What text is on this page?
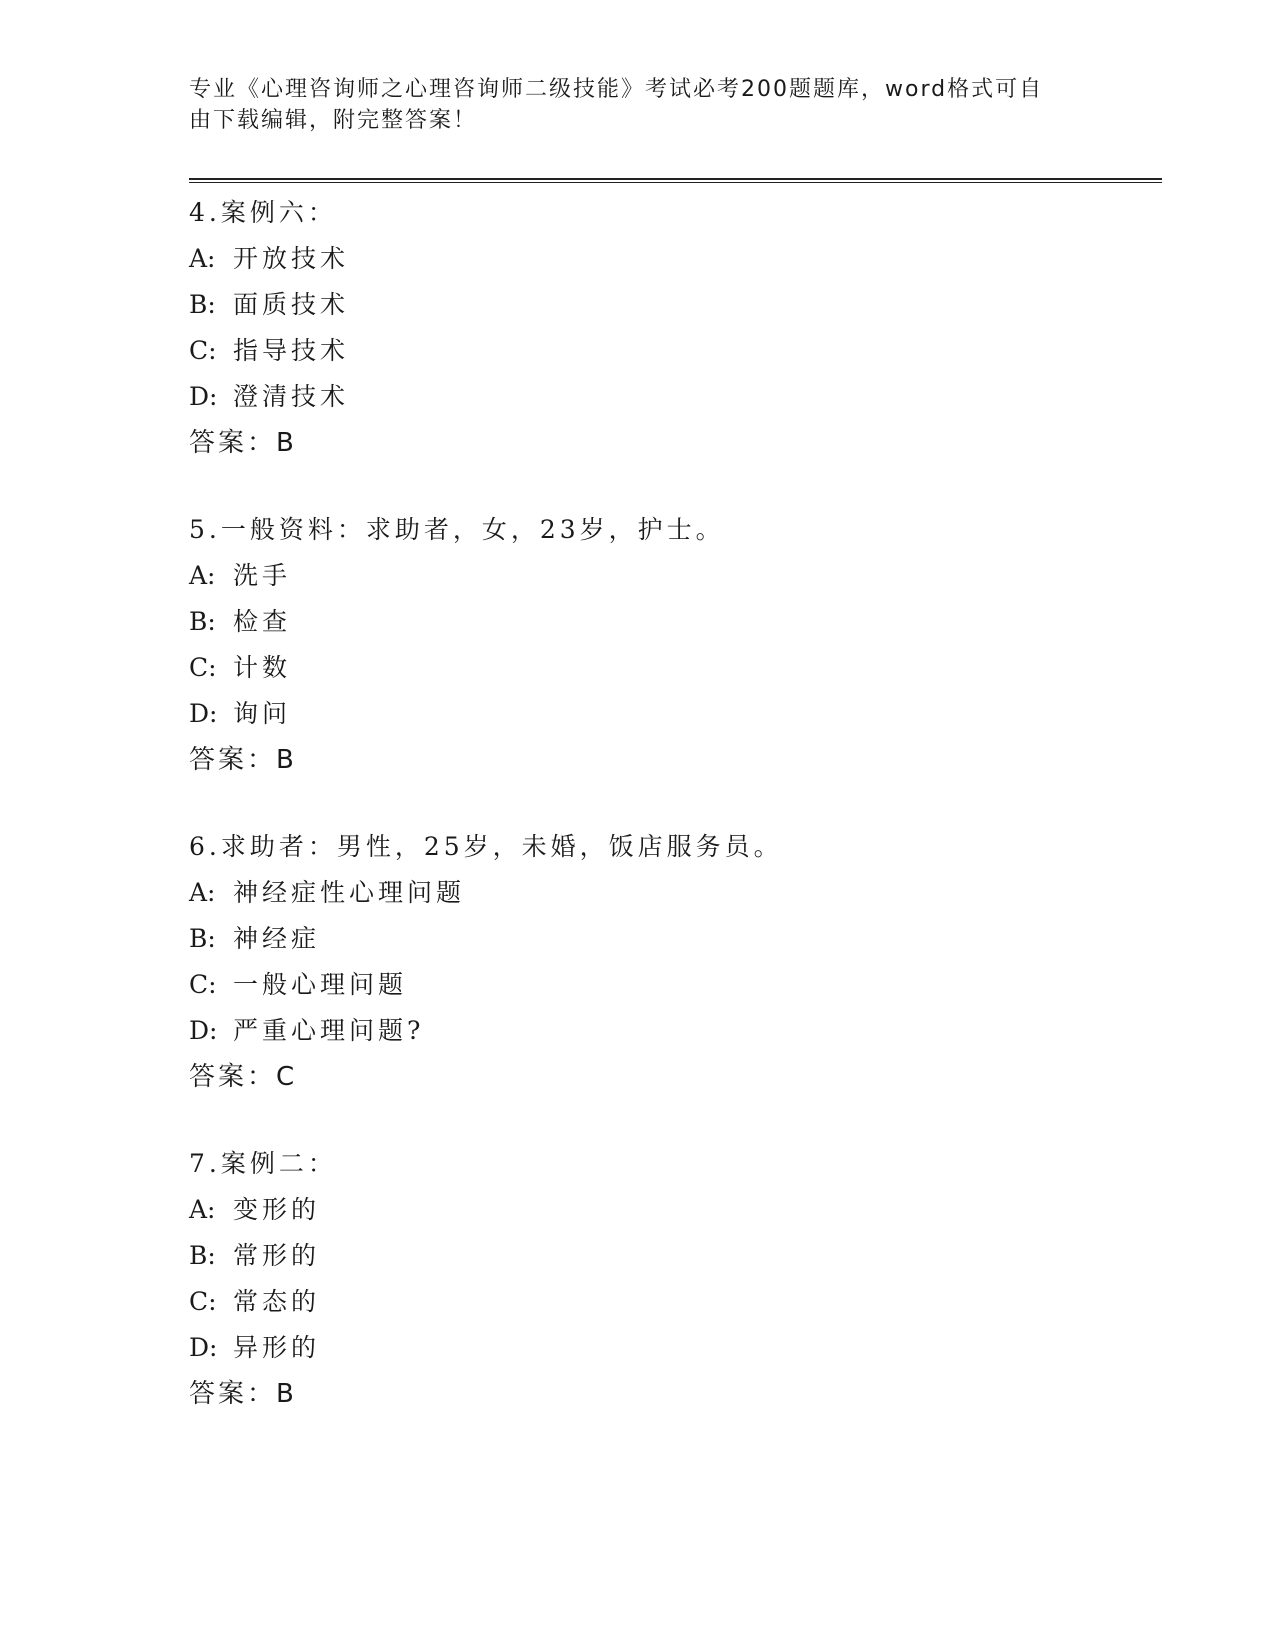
专业《心理咨询师之心理咨询师二级技能》考试必考200题题库，word格式可自
由下载编辑，附完整答案！
4.案例六：
A: 开放技术
B: 面质技术
C: 指导技术
D: 澄清技术
答案：B
5.一般资料：求助者，女，23岁，护士。
A: 洗手
B: 检查
C: 计数
D: 询问
答案：B
6.求助者：男性，25岁，未婚，饭店服务员。
A: 神经症性心理问题
B: 神经症
C: 一般心理问题
D: 严重心理问题?
答案：C
7.案例二：
A: 变形的
B: 常形的
C: 常态的
D: 异形的
答案：B
